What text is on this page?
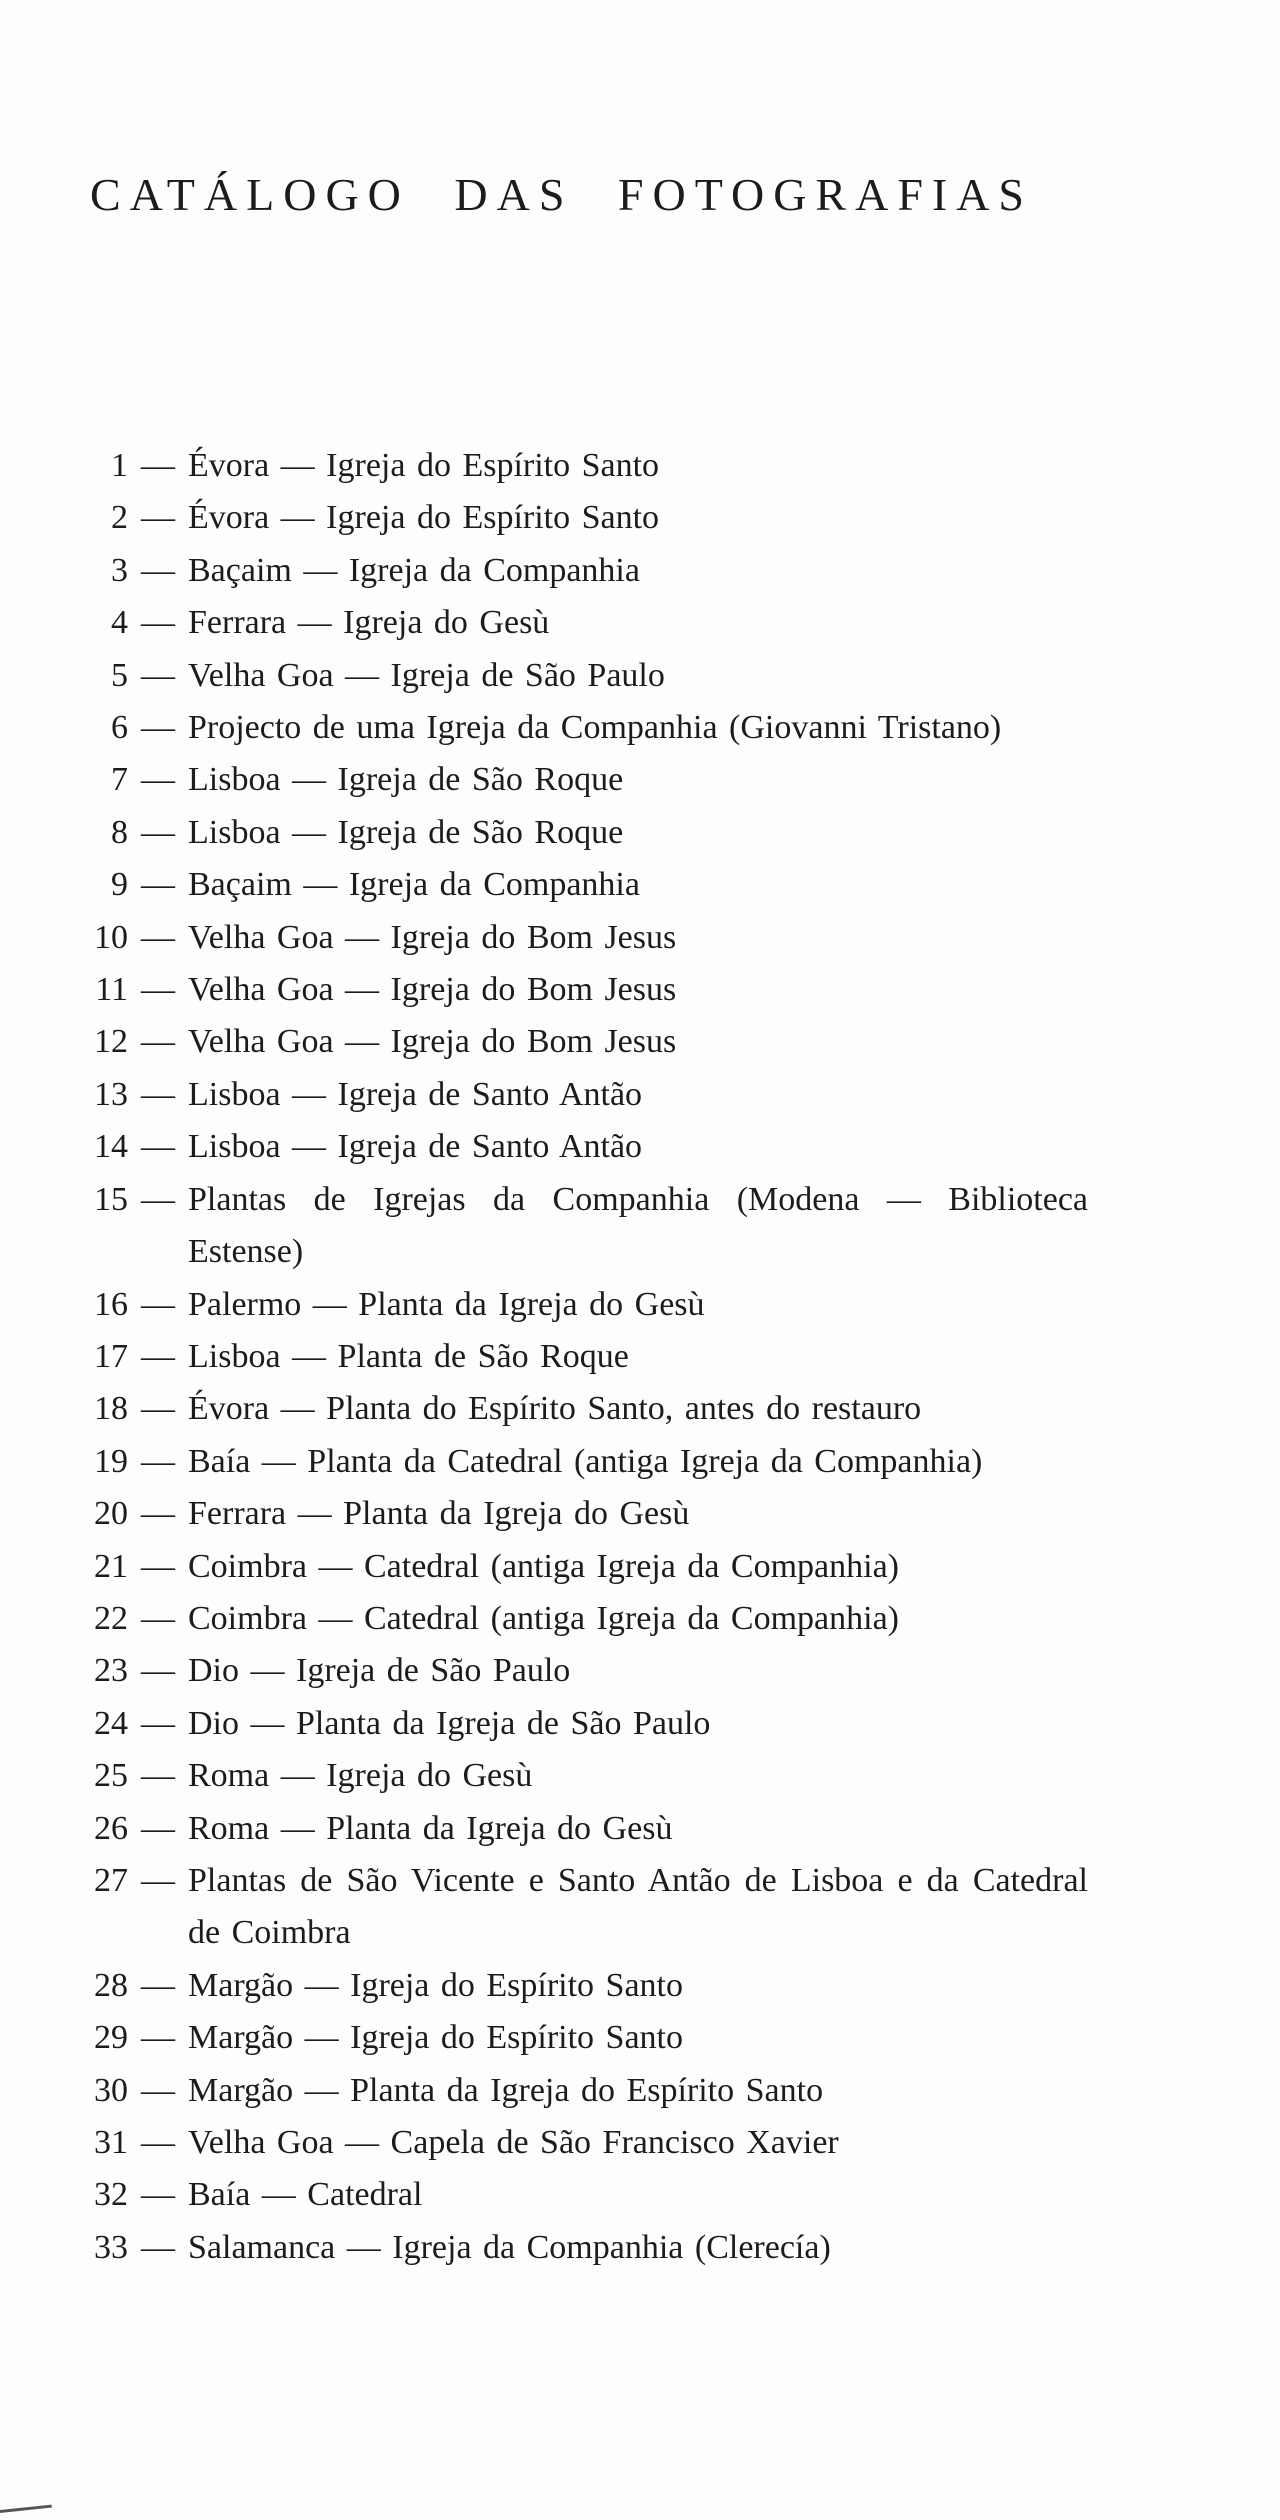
CATÁLOGO DAS FOTOGRAFIAS
1 — Évora — Igreja do Espírito Santo
2 — Évora — Igreja do Espírito Santo
3 — Baçaim — Igreja da Companhia
4 — Ferrara — Igreja do Gesù
5 — Velha Goa — Igreja de São Paulo
6 — Projecto de uma Igreja da Companhia (Giovanni Tristano)
7 — Lisboa — Igreja de São Roque
8 — Lisboa — Igreja de São Roque
9 — Baçaim — Igreja da Companhia
10 — Velha Goa — Igreja do Bom Jesus
11 — Velha Goa — Igreja do Bom Jesus
12 — Velha Goa — Igreja do Bom Jesus
13 — Lisboa — Igreja de Santo Antão
14 — Lisboa — Igreja de Santo Antão
15 — Plantas de Igrejas da Companhia (Modena — Biblioteca Estense)
16 — Palermo — Planta da Igreja do Gesù
17 — Lisboa — Planta de São Roque
18 — Évora — Planta do Espírito Santo, antes do restauro
19 — Baía — Planta da Catedral (antiga Igreja da Companhia)
20 — Ferrara — Planta da Igreja do Gesù
21 — Coimbra — Catedral (antiga Igreja da Companhia)
22 — Coimbra — Catedral (antiga Igreja da Companhia)
23 — Dio — Igreja de São Paulo
24 — Dio — Planta da Igreja de São Paulo
25 — Roma — Igreja do Gesù
26 — Roma — Planta da Igreja do Gesù
27 — Plantas de São Vicente e Santo Antão de Lisboa e da Catedral de Coimbra
28 — Margão — Igreja do Espírito Santo
29 — Margão — Igreja do Espírito Santo
30 — Margão — Planta da Igreja do Espírito Santo
31 — Velha Goa — Capela de São Francisco Xavier
32 — Baía — Catedral
33 — Salamanca — Igreja da Companhia (Clerecía)
